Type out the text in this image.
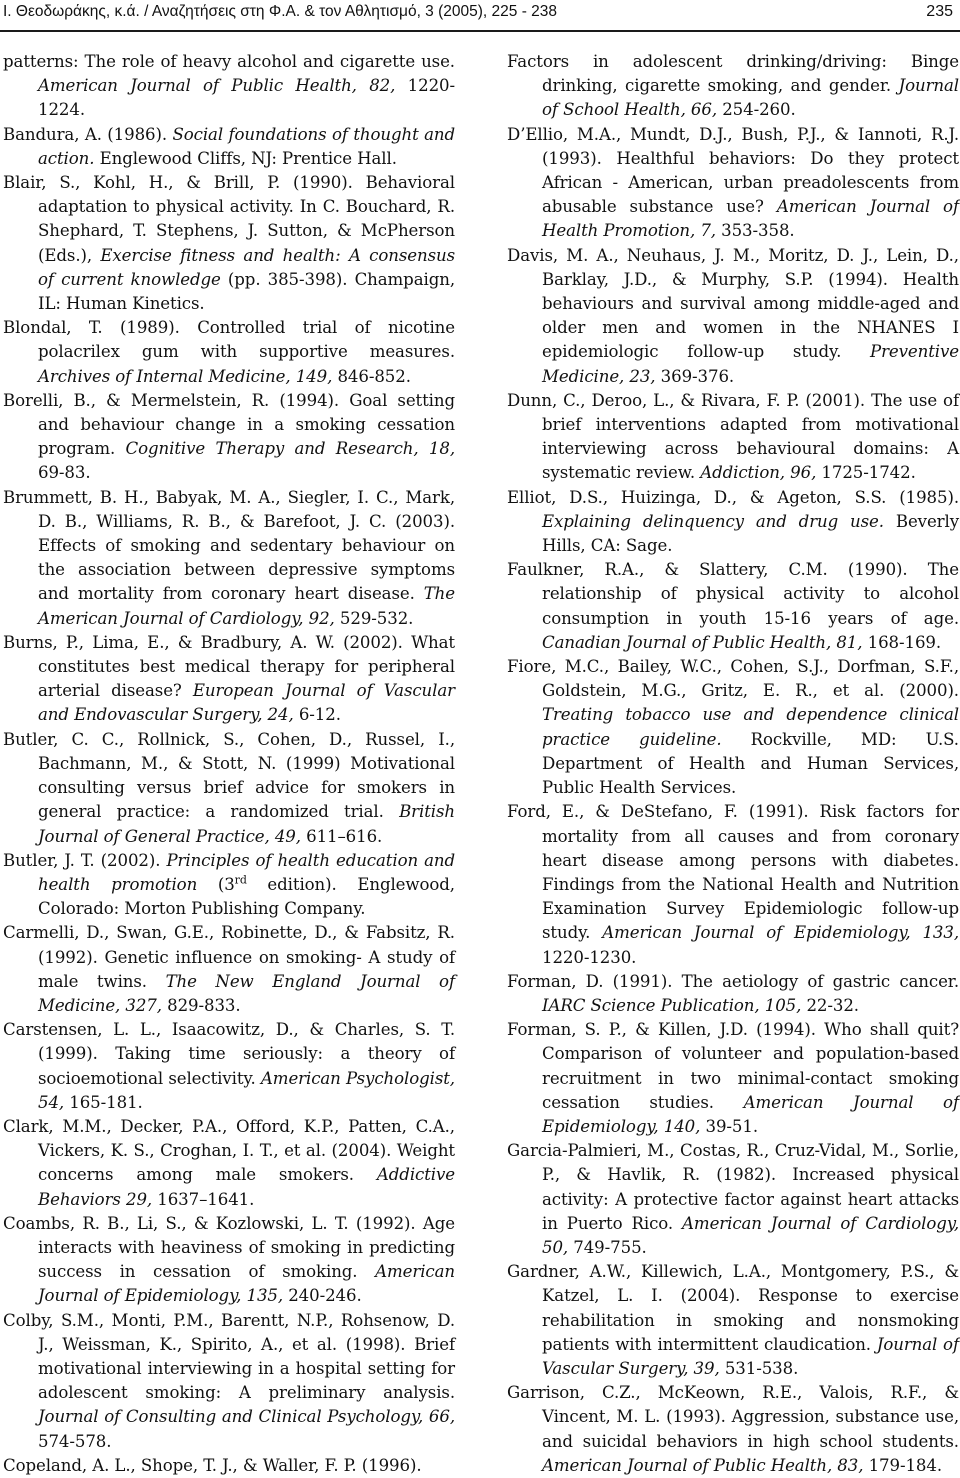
Ι. Θεοδωράκης, κ.ά. / Αναζητήσεις στη Φ.Α. & τον Αθλητισμό, 3 (2005), 225 - 238	235

patterns: The role of heavy alcohol and cigarette use. American Journal of Public Health, 82, 1220-1224.

Bandura, A. (1986). Social foundations of thought and action. Englewood Cliffs, NJ: Prentice Hall.

Blair, S., Kohl, H., & Brill, P. (1990). Behavioral adaptation to physical activity. In C. Bouchard, R. Shephard, T. Stephens, J. Sutton, & McPherson (Eds.), Exercise fitness and health: A consensus of current knowledge (pp. 385-398). Champaign, IL: Human Kinetics.

Blondal, T. (1989). Controlled trial of nicotine polacrilex gum with supportive measures. Archives of Internal Medicine, 149, 846-852.

Borelli, B., & Mermelstein, R. (1994). Goal setting and behaviour change in a smoking cessation program. Cognitive Therapy and Research, 18, 69-83.

Brummett, B. H., Babyak, M. A., Siegler, I. C., Mark, D. B., Williams, R. B., & Barefoot, J. C. (2003). Effects of smoking and sedentary behaviour on the association between depressive symptoms and mortality from coronary heart disease. The American Journal of Cardiology, 92, 529-532.

Burns, P., Lima, E., & Bradbury, A. W. (2002). What constitutes best medical therapy for peripheral arterial disease? European Journal of Vascular and Endovascular Surgery, 24, 6-12.

Butler, C. C., Rollnick, S., Cohen, D., Russel, I., Bachmann, M., & Stott, N. (1999) Motivational consulting versus brief advice for smokers in general practice: a randomized trial. British Journal of General Practice, 49, 611–616.

Butler, J. T. (2002). Principles of health education and health promotion (3rd edition). Englewood, Colorado: Morton Publishing Company.

Carmelli, D., Swan, G.E., Robinette, D., & Fabsitz, R. (1992). Genetic influence on smoking- A study of male twins. The New England Journal of Medicine, 327, 829-833.

Carstensen, L. L., Isaacowitz, D., & Charles, S. T. (1999). Taking time seriously: a theory of socioemotional selectivity. American Psychologist, 54, 165-181.

Clark, M.M., Decker, P.A., Offord, K.P., Patten, C.A., Vickers, K. S., Croghan, I. T., et al. (2004). Weight concerns among male smokers. Addictive Behaviors 29, 1637–1641.

Coambs, R. B., Li, S., & Kozlowski, L. T. (1992). Age interacts with heaviness of smoking in predicting success in cessation of smoking. American Journal of Epidemiology, 135, 240-246.

Colby, S.M., Monti, P.M., Barentt, N.P., Rohsenow, D. J., Weissman, K., Spirito, A., et al. (1998). Brief motivational interviewing in a hospital setting for adolescent smoking: A preliminary analysis. Journal of Consulting and Clinical Psychology, 66, 574-578.

Copeland, A. L., Shope, T. J., & Waller, F. P. (1996).

Factors in adolescent drinking/driving: Binge drinking, cigarette smoking, and gender. Journal of School Health, 66, 254-260.

D’Ellio, M.A., Mundt, D.J., Bush, P.J., & Iannoti, R.J. (1993). Healthful behaviors: Do they protect African - American, urban preadolescents from abusable substance use? American Journal of Health Promotion, 7, 353-358.

Davis, M. A., Neuhaus, J. M., Moritz, D. J., Lein, D., Barklay, J.D., & Murphy, S.P. (1994). Health behaviours and survival among middle-aged and older men and women in the NHANES I epidemiologic follow-up study. Preventive Medicine, 23, 369-376.

Dunn, C., Deroo, L., & Rivara, F. P. (2001). The use of brief interventions adapted from motivational interviewing across behavioural domains: A systematic review. Addiction, 96, 1725-1742.

Elliot, D.S., Huizinga, D., & Ageton, S.S. (1985). Explaining delinquency and drug use. Beverly Hills, CA: Sage.

Faulkner, R.A., & Slattery, C.M. (1990). The relationship of physical activity to alcohol consumption in youth 15-16 years of age. Canadian Journal of Public Health, 81, 168-169.

Fiore, M.C., Bailey, W.C., Cohen, S.J., Dorfman, S.F., Goldstein, M.G., Gritz, E. R., et al. (2000). Treating tobacco use and dependence clinical practice guideline. Rockville, MD: U.S. Department of Health and Human Services, Public Health Services.

Ford, E., & DeStefano, F. (1991). Risk factors for mortality from all causes and from coronary heart disease among persons with diabetes. Findings from the National Health and Nutrition Examination Survey Epidemiologic follow-up study. American Journal of Epidemiology, 133, 1220-1230.

Forman, D. (1991). The aetiology of gastric cancer. IARC Science Publication, 105, 22-32.

Forman, S. P., & Killen, J.D. (1994). Who shall quit? Comparison of volunteer and population-based recruitment in two minimal-contact smoking cessation studies. American Journal of Epidemiology, 140, 39-51.

Garcia-Palmieri, M., Costas, R., Cruz-Vidal, M., Sorlie, P., & Havlik, R. (1982). Increased physical activity: A protective factor against heart attacks in Puerto Rico. American Journal of Cardiology, 50, 749-755.

Gardner, A.W., Killewich, L.A., Montgomery, P.S., & Katzel, L. I. (2004). Response to exercise rehabilitation in smoking and nonsmoking patients with intermittent claudication. Journal of Vascular Surgery, 39, 531-538.

Garrison, C.Z., McKeown, R.E., Valois, R.F., & Vincent, M. L. (1993). Aggression, substance use, and suicidal behaviors in high school students. American Journal of Public Health, 83, 179-184.
